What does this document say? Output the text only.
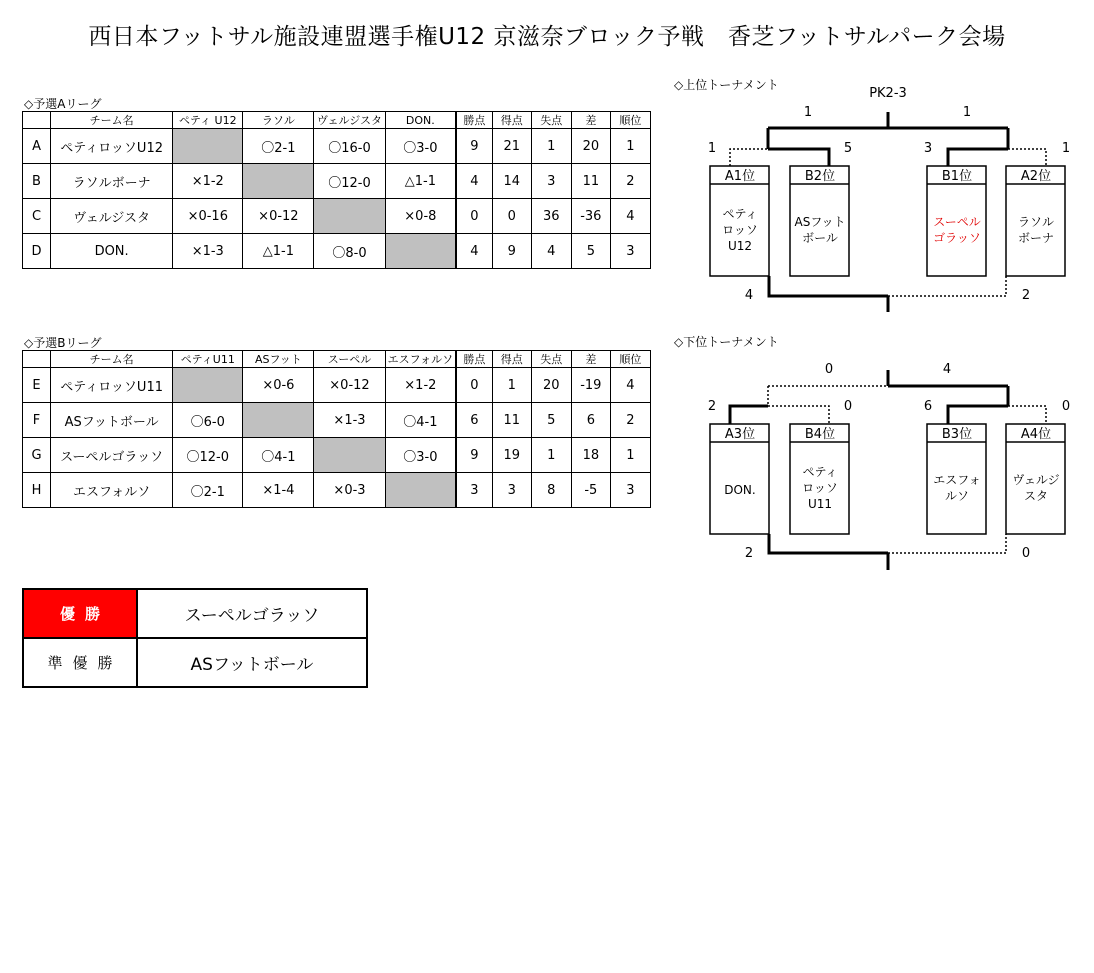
西日本フットサル施設連盟選手権U12 京滋奈ブロック予戦　香芝フットサルパーク会場
◇予選Aリーグ
	チーム名	ペティ U12	ラソル	ヴェルジスタ	DON.	勝点	得点	失点	差	順位
A	ペティロッソU12		〇2-1	〇16-0	〇3-0	9	21	1	20	1
B	ラソルボーナ	×1-2		〇12-0	△1-1	4	14	3	11	2
C	ヴェルジスタ	×0-16	×0-12		×0-8	0	0	36	-36	4
D	DON.	×1-3	△1-1	〇8-0		4	9	4	5	3
◇予選Bリーグ
	チーム名	ペティU11	ASフット	スーペル	エスフォルソ	勝点	得点	失点	差	順位
E	ペティロッソU11		×0-6	×0-12	×1-2	0	1	20	-19	4
F	ASフットボール	〇6-0		×1-3	〇4-1	6	11	5	6	2
G	スーペルゴラッソ	〇12-0	〇4-1		〇3-0	9	19	1	18	1
H	エスフォルソ	〇2-1	×1-4	×0-3		3	3	8	-5	3
優勝	スーペルゴラッソ
準優勝	ASフットボール
◇上位トーナメント
PK2-3
1	1
1	5	3	1
A1位	B2位	B1位	A2位
ペティ
ロッソ
U12
ASフット
ボール
スーペル
ゴラッソ
ラソル
ボーナ
4	2
◇下位トーナメント
0	4
2	0	6	0
A3位	B4位	B3位	A4位
DON.
ペティ
ロッソ
U11
エスフォ
ルソ
ヴェルジ
スタ
2	0
